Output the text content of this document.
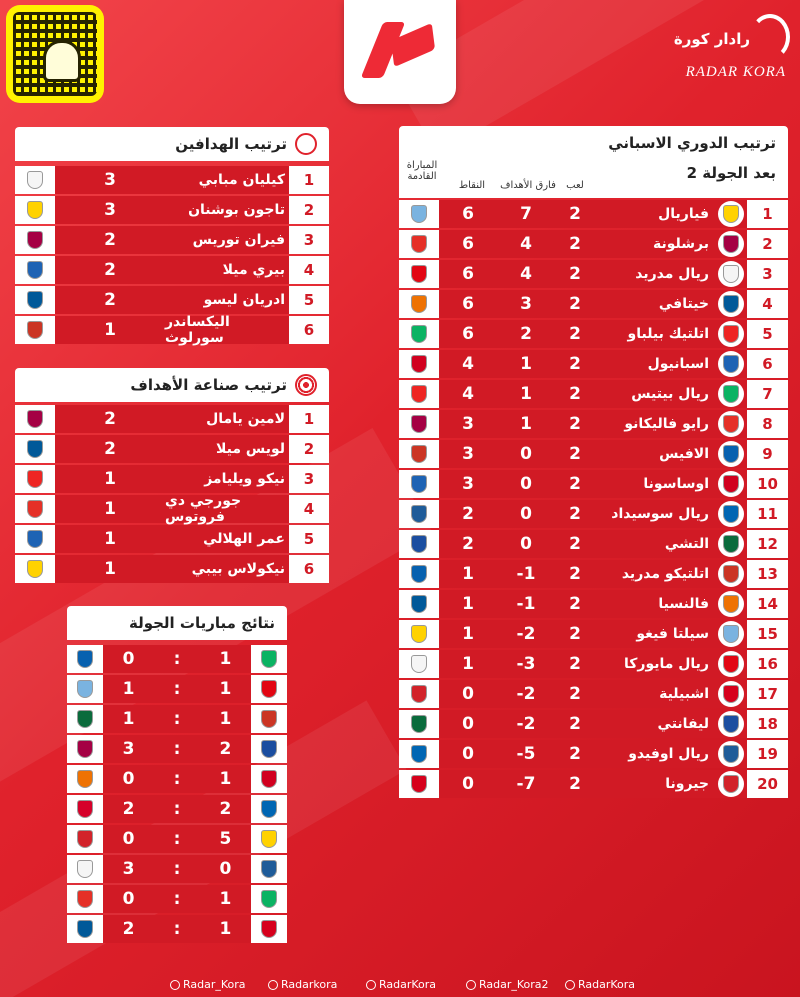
رادار كورة
RADAR KORA
ترتيب الهدافين
3	كيليان مبابي	1
3	تاجون بوشنان	2
2	فيران توريس	3
2	بيري ميلا	4
2	ادريان ليسو	5
1	اليكساندر سورلوث	6
ترتيب صناعة الأهداف
2	لامين يامال	1
2	لويس ميلا	2
1	نيكو ويليامز	3
1	جورجي دي فروتوس	4
1	عمر الهلالي	5
1	نيكولاس بيبي	6
نتائج مباريات الجولة
0 : 1
1 : 1
1 : 1
3 : 2
0 : 1
2 : 2
0 : 5
3 : 0
0 : 1
2 : 1
ترتيب الدوري الاسباني
بعد الجولة 2
المباراة القادمة
النقاط	فارق الأهداف	لعب
6	7	2	فياريال	1
6	4	2	برشلونة	2
6	4	2	ريال مدريد	3
6	3	2	خيتافي	4
6	2	2	اتلتيك بيلباو	5
4	1	2	اسبانيول	6
4	1	2	ريال بيتيس	7
3	1	2	رايو فاليكانو	8
3	0	2	الافيس	9
3	0	2	اوساسونا	10
2	0	2	ريال سوسيداد	11
2	0	2	التشي	12
1	-1	2	اتلتيكو مدريد	13
1	-1	2	فالنسيا	14
1	-2	2	سيلتا فيغو	15
1	-3	2	ريال مايوركا	16
0	-2	2	اشبيلية	17
0	-2	2	ليفانتي	18
0	-5	2	ريال اوفيدو	19
0	-7	2	جيرونا	20
Radar_Kora	Radarkora	RadarKora	Radar_Kora2	RadarKora
